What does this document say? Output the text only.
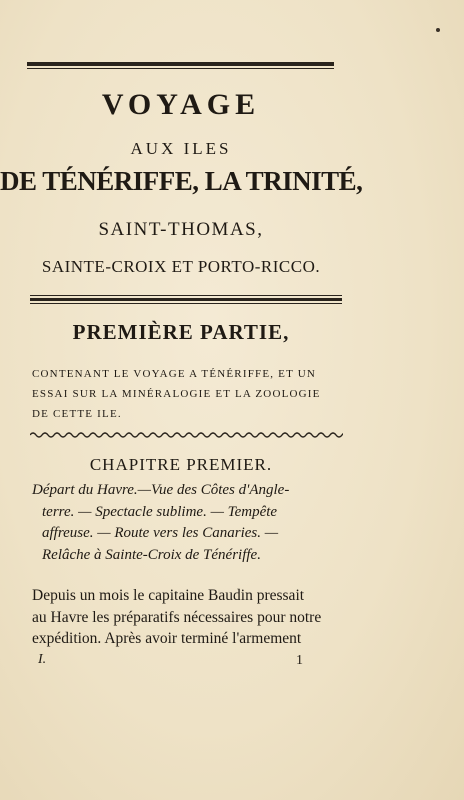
VOYAGE
AUX ILES
DE TÉNÉRIFFE, LA TRINITÉ,
SAINT-THOMAS,
SAINTE-CROIX ET PORTO-RICCO.
PREMIÈRE PARTIE,
CONTENANT LE VOYAGE A TÉNÉRIFFE, ET UN
ESSAI SUR LA MINÉRALOGIE ET LA ZOOLOGIE
DE CETTE ILE.
CHAPITRE PREMIER.
Départ du Havre.—Vue des Côtes d'Angle-
terre. — Spectacle sublime. — Tempête
affreuse. — Route vers les Canaries. —
Relâche à Sainte-Croix de Ténériffe.
Depuis un mois le capitaine Baudin pressait
au Havre les préparatifs nécessaires pour notre
expédition. Après avoir terminé l'armement
I.	1
